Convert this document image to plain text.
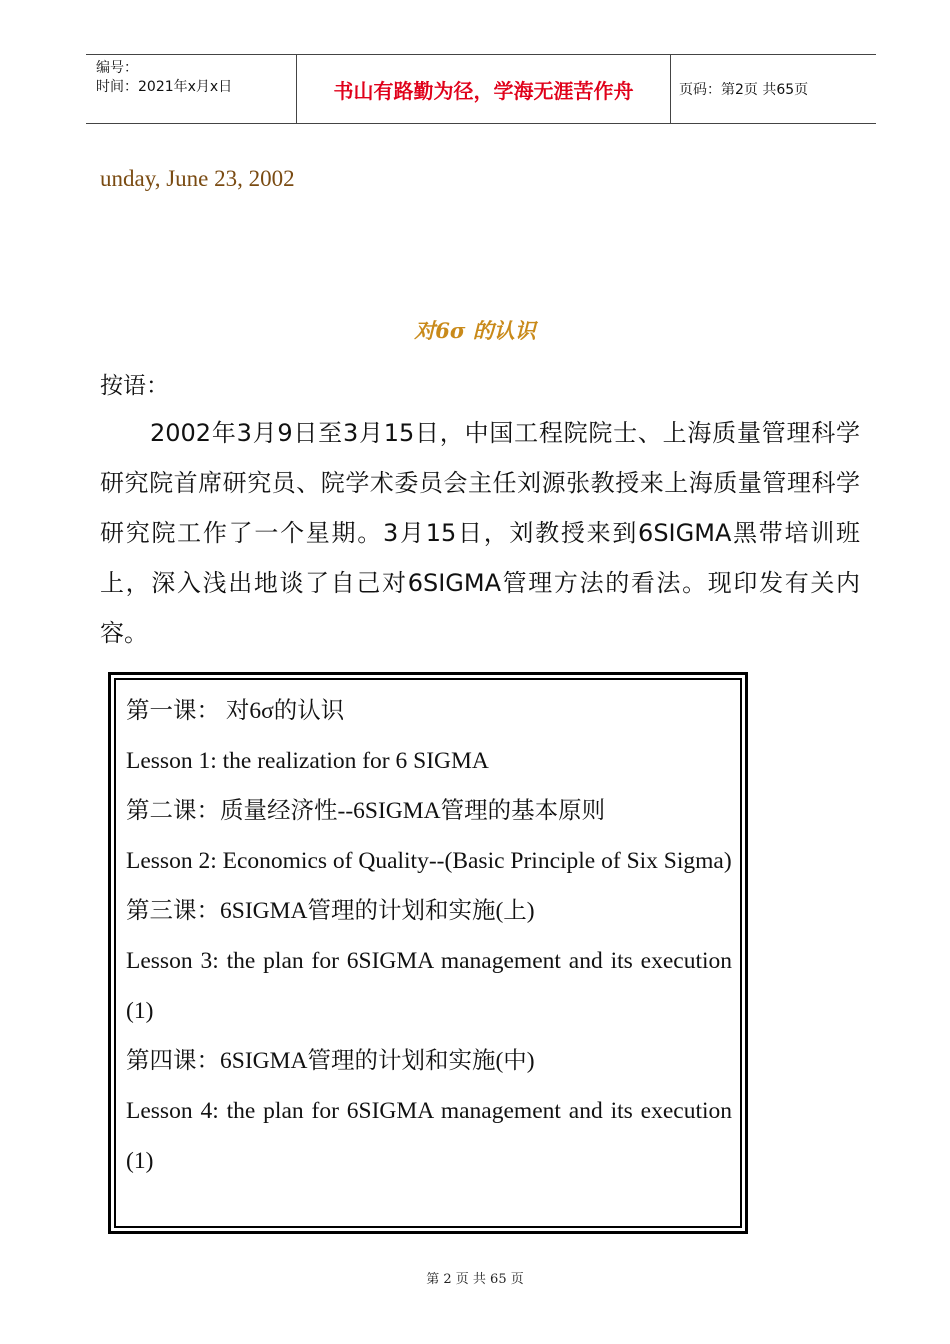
编号：
时间：2021年x月x日	书山有路勤为径，学海无涯苦作舟	页码：第2页 共65页
unday, June 23, 2002
对6σ 的认识
按语：
2002年3月9日至3月15日，中国工程院院士、上海质量管理科学研究院首席研究员、院学术委员会主任刘源张教授来上海质量管理科学研究院工作了一个星期。3月15日，刘教授来到6SIGMA黑带培训班上，深入浅出地谈了自己对6SIGMA管理方法的看法。现印发有关内容。
第一课： 对6σ的认识
Lesson 1: the realization for 6 SIGMA
第二课：质量经济性--6SIGMA管理的基本原则
Lesson 2: Economics of Quality--(Basic Principle of Six Sigma)
第三课：6SIGMA管理的计划和实施(上)
Lesson 3: the plan for 6SIGMA management and its execution (1)
第四课：6SIGMA管理的计划和实施(中)
Lesson 4: the plan for 6SIGMA management and its execution (1)
第 2 页 共 65 页
